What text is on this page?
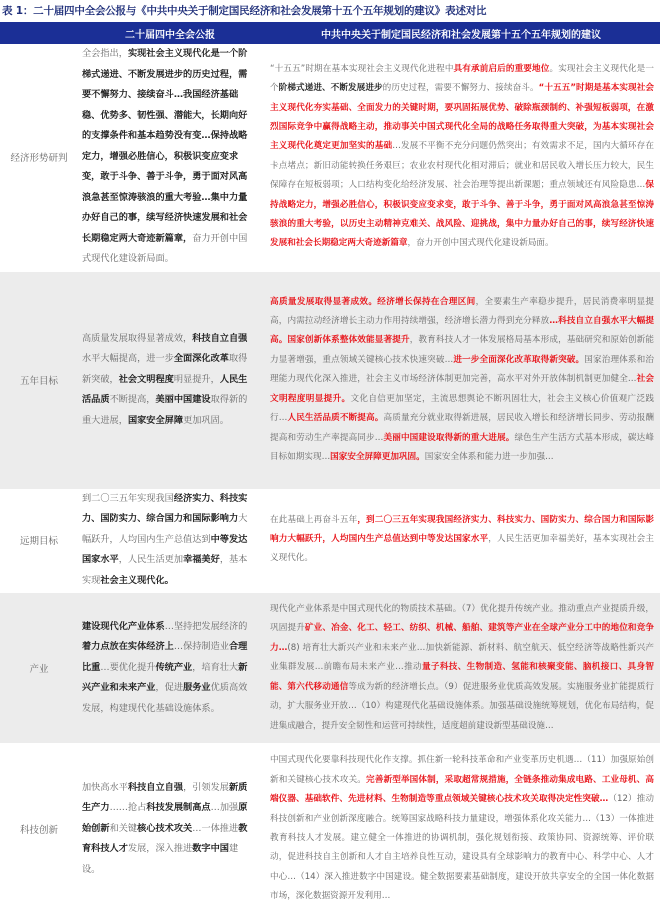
表 1：二十届四中全会公报与《中共中央关于制定国民经济和社会发展第十五个五年规划的建议》表述对比
	二十届四中全会公报	中共中央关于制定国民经济和社会发展第十五个五年规划的建议
经济形势研判	全会指出，实现社会主义现代化是一个阶梯式递进、不断发展进步的历史过程，需要不懈努力、接续奋斗…我国经济基础稳、优势多、韧性强、潜能大，长期向好的支撑条件和基本趋势没有变…保持战略定力，增强必胜信心，积极识变应变求变，敢于斗争、善于斗争，勇于面对风高浪急甚至惊涛骇浪的重大考验…集中力量办好自己的事，续写经济快速发展和社会长期稳定两大奇迹新篇章，奋力开创中国式现代化建设新局面。	“十五五”时期在基本实现社会主义现代化进程中具有承前启后的重要地位。实现社会主义现代化是一个阶梯式递进、不断发展进步的历史过程，需要不懈努力、接续奋斗。“十五五”时期是基本实现社会主义现代化夯实基础、全面发力的关键时期，要巩固拓展优势、破除瓶颈制约、补强短板弱项，在激烈国际竞争中赢得战略主动，推动事关中国式现代化全局的战略任务取得重大突破，为基本实现社会主义现代化奠定更加坚实的基础…发展不平衡不充分问题仍然突出；有效需求不足，国内大循环存在卡点堵点；新旧动能转换任务艰巨；农业农村现代化相对滞后；就业和居民收入增长压力较大，民生保障存在短板弱项；人口结构变化给经济发展、社会治理等提出新课题；重点领域还有风险隐患…保持战略定力，增强必胜信心，积极识变应变求变，敢于斗争、善于斗争，勇于面对风高浪急甚至惊涛骇浪的重大考验，以历史主动精神克难关、战风险、迎挑战，集中力量办好自己的事，续写经济快速发展和社会长期稳定两大奇迹新篇章，奋力开创中国式现代化建设新局面。
五年目标	高质量发展取得显著成效，科技自立自强水平大幅提高，进一步全面深化改革取得新突破，社会文明程度明显提升，人民生活品质不断提高，美丽中国建设取得新的重大进展，国家安全屏障更加巩固。	高质量发展取得显著成效。经济增长保持在合理区间，全要素生产率稳步提升，居民消费率明显提高，内需拉动经济增长主动力作用持续增强，经济增长潜力得到充分释放…科技自立自强水平大幅提高。国家创新体系整体效能显著提升，教育科技人才一体发展格局基本形成，基础研究和原始创新能力显著增强，重点领域关键核心技术快速突破…进一步全面深化改革取得新突破。国家治理体系和治理能力现代化深入推进，社会主义市场经济体制更加完善，高水平对外开放体制机制更加健全…社会文明程度明显提升。文化自信更加坚定，主流思想舆论不断巩固壮大，社会主义核心价值观广泛践行…人民生活品质不断提高。高质量充分就业取得新进展，居民收入增长和经济增长同步、劳动报酬提高和劳动生产率提高同步…美丽中国建设取得新的重大进展。绿色生产生活方式基本形成，碳达峰目标如期实现…国家安全屏障更加巩固。国家安全体系和能力进一步加强…
远期目标	到二〇三五年实现我国经济实力、科技实力、国防实力、综合国力和国际影响力大幅跃升，人均国内生产总值达到中等发达国家水平，人民生活更加幸福美好，基本实现社会主义现代化。	在此基础上再奋斗五年，到二〇三五年实现我国经济实力、科技实力、国防实力、综合国力和国际影响力大幅跃升，人均国内生产总值达到中等发达国家水平，人民生活更加幸福美好，基本实现社会主义现代化。
产业	建设现代化产业体系…坚持把发展经济的着力点放在实体经济上…保持制造业合理比重…要优化提升传统产业，培育壮大新兴产业和未来产业，促进服务业优质高效发展，构建现代化基础设施体系。	现代化产业体系是中国式现代化的物质技术基础。（7）优化提升传统产业。推动重点产业提质升级，巩固提升矿业、冶金、化工、轻工、纺织、机械、船舶、建筑等产业在全球产业分工中的地位和竞争力…(8) 培育壮大新兴产业和未来产业…加快新能源、新材料、航空航天、低空经济等战略性新兴产业集群发展…前瞻布局未来产业…推动量子科技、生物制造、氢能和核聚变能、脑机接口、具身智能、第六代移动通信等成为新的经济增长点。（9）促进服务业优质高效发展。实施服务业扩能提质行动，扩大服务业开放…（10）构建现代化基础设施体系。加强基础设施统筹规划，优化布局结构，促进集成融合，提升安全韧性和运营可持续性，适度超前建设新型基础设施…
科技创新	加快高水平科技自立自强，引领发展新质生产力……抢占科技发展制高点…加强原始创新和关键核心技术攻关…一体推进教育科技人才发展，深入推进数字中国建设。	中国式现代化要靠科技现代化作支撑。抓住新一轮科技革命和产业变革历史机遇…（11）加强原始创新和关键核心技术攻关。完善新型举国体制，采取超常规措施，全链条推动集成电路、工业母机、高端仪器、基础软件、先进材料、生物制造等重点领域关键核心技术攻关取得决定性突破…（12）推动科技创新和产业创新深度融合。统筹国家战略科技力量建设，增强体系化攻关能力…（13）一体推进教育科技人才发展。建立健全一体推进的协调机制，强化规划衔接、政策协同、资源统筹、评价联动，促进科技自主创新和人才自主培养良性互动，建设具有全球影响力的教育中心、科学中心、人才中心…（14）深入推进数字中国建设。健全数据要素基础制度，建设开放共享安全的全国一体化数据市场，深化数据资源开发利用…
